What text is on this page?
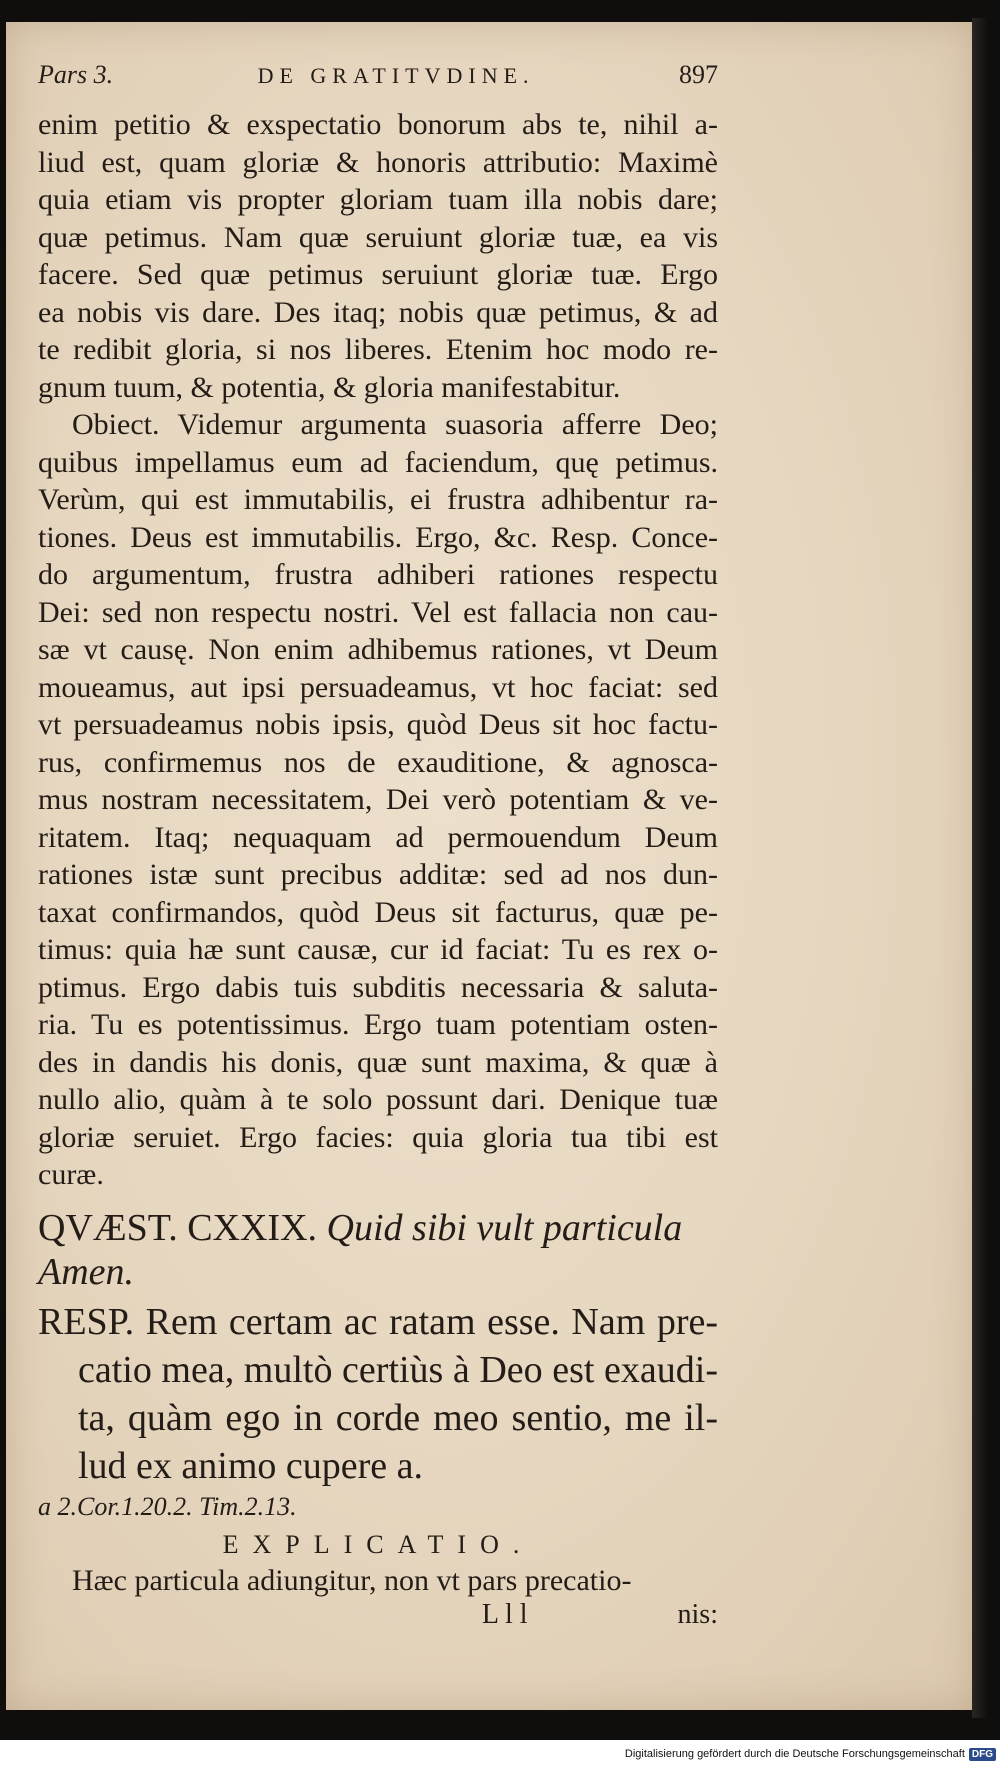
Pars 3.	DE GRATITVDINE.	897
enim petitio & exspectatio bonorum abs te, nihil a-
liud est, quam gloriæ & honoris attributio: Maximè
quia etiam vis propter gloriam tuam illa nobis dare;
quæ petimus. Nam quæ seruiunt gloriæ tuæ, ea vis
facere. Sed quæ petimus seruiunt gloriæ tuæ. Ergo
ea nobis vis dare. Des itaq; nobis quæ petimus, & ad
te redibit gloria, si nos liberes. Etenim hoc modo re-
gnum tuum, & potentia, & gloria manifestabitur.
Obiect. Videmur argumenta suasoria afferre Deo;
quibus impellamus eum ad faciendum, quę petimus.
Verùm, qui est immutabilis, ei frustra adhibentur ra-
tiones. Deus est immutabilis. Ergo, &c. Resp. Conce-
do argumentum, frustra adhiberi rationes respectu
Dei: sed non respectu nostri. Vel est fallacia non cau-
sæ vt causę. Non enim adhibemus rationes, vt Deum
moueamus, aut ipsi persuadeamus, vt hoc faciat: sed
vt persuadeamus nobis ipsis, quòd Deus sit hoc factu-
rus, confirmemus nos de exauditione, & agnosca-
mus nostram necessitatem, Dei verò potentiam & ve-
ritatem. Itaq; nequaquam ad permouendum Deum
rationes istæ sunt precibus additæ: sed ad nos dun-
taxat confirmandos, quòd Deus sit facturus, quæ pe-
timus: quia hæ sunt causæ, cur id faciat: Tu es rex o-
ptimus. Ergo dabis tuis subditis necessaria & saluta-
ria. Tu es potentissimus. Ergo tuam potentiam osten-
des in dandis his donis, quæ sunt maxima, & quæ à
nullo alio, quàm à te solo possunt dari. Denique tuæ
gloriæ seruiet. Ergo facies: quia gloria tua tibi est
curæ.
QVÆST. CXXIX. Quid sibi vult particula
Amen.
RESP. Rem certam ac ratam esse. Nam pre-
catio mea, multò certiùs à Deo est exaudi-
ta, quàm ego in corde meo sentio, me il-
lud ex animo cupere a.
a 2.Cor.1.20.2. Tim.2.13.
EXPLICATIO.
Hæc particula adiungitur, non vt pars precatio-
L l l	nis:
Digitalisierung gefördert durch die Deutsche Forschungsgemeinschaft DFG
